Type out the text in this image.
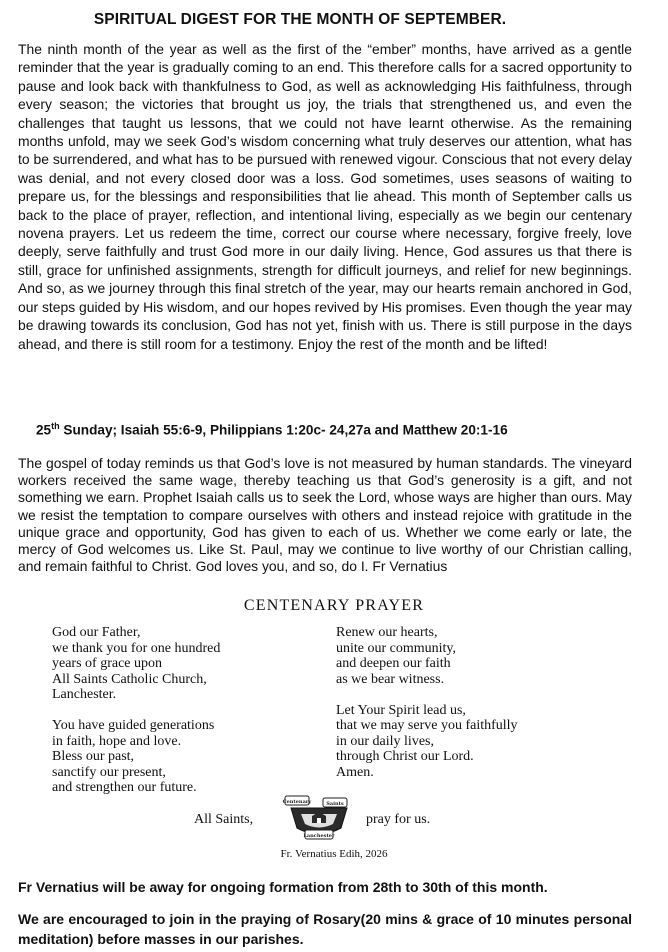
SPIRITUAL DIGEST FOR THE MONTH OF SEPTEMBER.

The ninth month of the year as well as the first of the “ember” months, have arrived as a gentle reminder that the year is gradually coming to an end. This therefore calls for a sacred opportunity to pause and look back with thankfulness to God, as well as acknowledging His faithfulness, through every season; the victories that brought us joy, the trials that strengthened us, and even the challenges that taught us lessons, that we could not have learnt otherwise. As the remaining months unfold, may we seek God’s wisdom concerning what truly deserves our attention, what has to be surrendered, and what has to be pursued with renewed vigour. Conscious that not every delay was denial, and not every closed door was a loss. God sometimes, uses seasons of waiting to prepare us, for the blessings and responsibilities that lie ahead. This month of September calls us back to the place of prayer, reflection, and intentional living, especially as we begin our centenary novena prayers. Let us redeem the time, correct our course where necessary, forgive freely, love deeply, serve faithfully and trust God more in our daily living. Hence, God assures us that there is still, grace for unfinished assignments, strength for difficult journeys, and relief for new beginnings. And so, as we journey through this final stretch of the year, may our hearts remain anchored in God, our steps guided by His wisdom, and our hopes revived by His promises. Even though the year may be drawing towards its conclusion, God has not yet, finish with us. There is still purpose in the days ahead, and there is still room for a testimony. Enjoy the rest of the month and be lifted!

25th Sunday; Isaiah 55:6-9, Philippians 1:20c- 24,27a and Matthew 20:1-16

The gospel of today reminds us that God’s love is not measured by human standards. The vineyard workers received the same wage, thereby teaching us that God’s generosity is a gift, and not something we earn. Prophet Isaiah calls us to seek the Lord, whose ways are higher than ours. May we resist the temptation to compare ourselves with others and instead rejoice with gratitude in the unique grace and opportunity, God has given to each of us. Whether we come early or late, the mercy of God welcomes us. Like St. Paul, may we continue to live worthy of our Christian calling, and remain faithful to Christ. God loves you, and so, do I. Fr Vernatius

CENTENARY PRAYER
God our Father,
we thank you for one hundred
years of grace upon
All Saints Catholic Church,
Lanchester.
You have guided generations
in faith, hope and love.
Bless our past,
sanctify our present,
and strengthen our future.
Renew our hearts,
unite our community,
and deepen our faith
as we bear witness.
Let Your Spirit lead us,
that we may serve you faithfully
in our daily lives,
through Christ our Lord.
Amen.
All Saints,
Centenary	Saints
Lanchester
pray for us.
Fr. Vernatius Edih, 2026

Fr Vernatius will be away for ongoing formation from 28th to 30th of this month.

We are encouraged to join in the praying of Rosary(20 mins & grace of 10 minutes personal meditation) before masses in our parishes.
